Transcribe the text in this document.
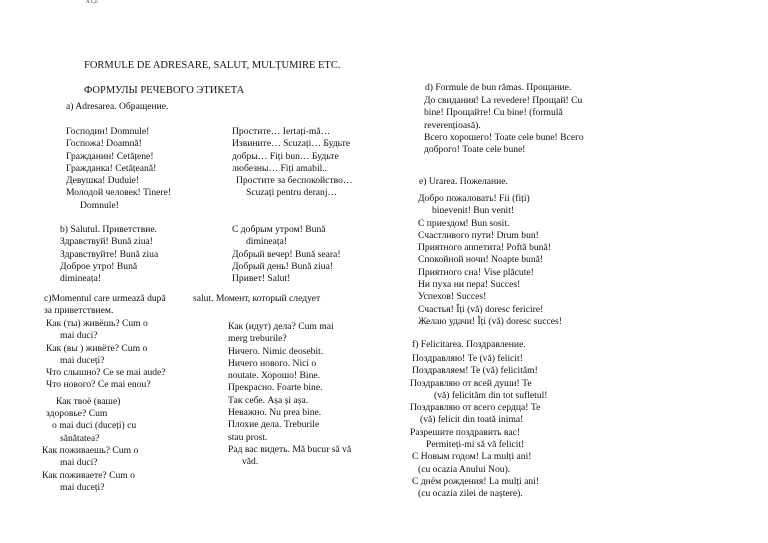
A C,n
FORMULE DE ADRESARE, SALUT, MULȚUMIRE ETC.
ФОРМУЛЫ РЕЧЕВОГО ЭТИКЕТА
a) Adresarea. Обращение.
Господин! Domnule!
Госпожа! Doamnă!
Гражданин! Cetățene!
Гражданка! Cetățeană!
Девушка! Duduie!
Молодой человек! Tinere!
Domnule!
Простите… Iertați-mă…
Извините… Scuzați… Будьте
добры… Fiți bun… Будьте
любезны… Fiți amabil..
Простите за беспокойство…
Scuzați pentru deranj…
b) Salutul. Приветствие.
Здравствуй! Bună ziua!
Здравствуйте! Bună ziua
Доброе утро! Bună
dimineața!
С добрым утром! Bună
dimineața!
Добрый вечер! Bună seara!
Добрый день! Bună ziua!
Привет! Salut!
c)Momentul care urmează după	salut. Момент, который следует
за приветствием.
Как (ты) живёшь? Cum o
mai duci?
Как (вы ) живёте? Cum o
mai duceți?
Что слышно? Ce se mai aude?
Что нового? Ce mai enou?
Как твоё (ваше)
здоровье? Cum
o mai duci (duceți) cu
sănătatea?
Как поживаешь? Cum o
mai duci?
Как поживаете? Cum o
mai duceți?
Как (идут) дела? Cum mai
merg treburile?
Ничего. Nimic deosebit.
Ничего нового. Nici o
noutate. Хорошо! Bine.
Прекрасно. Foarte bine.
Так себе. Așa și așa.
Неважно. Nu prea bine.
Плохие дела. Treburile
stau prost.
Рад вас видеть. Mă bucur să vă
văd.
d) Formule de bun rămas. Прощание.
До свидания! La revedere! Прощай! Cu
bine! Прощайте! Cu bine! (formulă
reverențioasă).
Всего хорошего! Toate cele bune! Всего
доброго! Toate cele bune!
e) Urarea. Пожелание.
Добро пожаловать! Fii (fiți)
binevenit! Bun venit!
С приездом! Bun sosit.
Счастливого пути! Drum bun!
Приятного аппетита! Poftă bună!
Спокойной ночи! Noapte bună!
Приятного сна! Vise plăcute!
Ни пуха ни пера! Succes!
Успехов! Succes!
Счастья! Îți (vă) doresc fericire!
Желаю удачи! Îți (vă) doresc succes!
f) Felicitarea. Поздравление.
Поздравляю! Te (vă) felicit!
Поздравляем! Te (vă) felicităm!
Поздравляю от всей души! Te
(vă) felicităm din tot sufletul!
Поздравляю от всего сердца! Te
(vă) felicit din toată inima!
Разрешите поздравить вас!
Permiteți-mi să vă felicit!
С Новым годом! La mulți ani!
(cu ocazia Anului Nou).
С днём рождения! La mulți ani!
(cu ocazia zilei de naștere).
